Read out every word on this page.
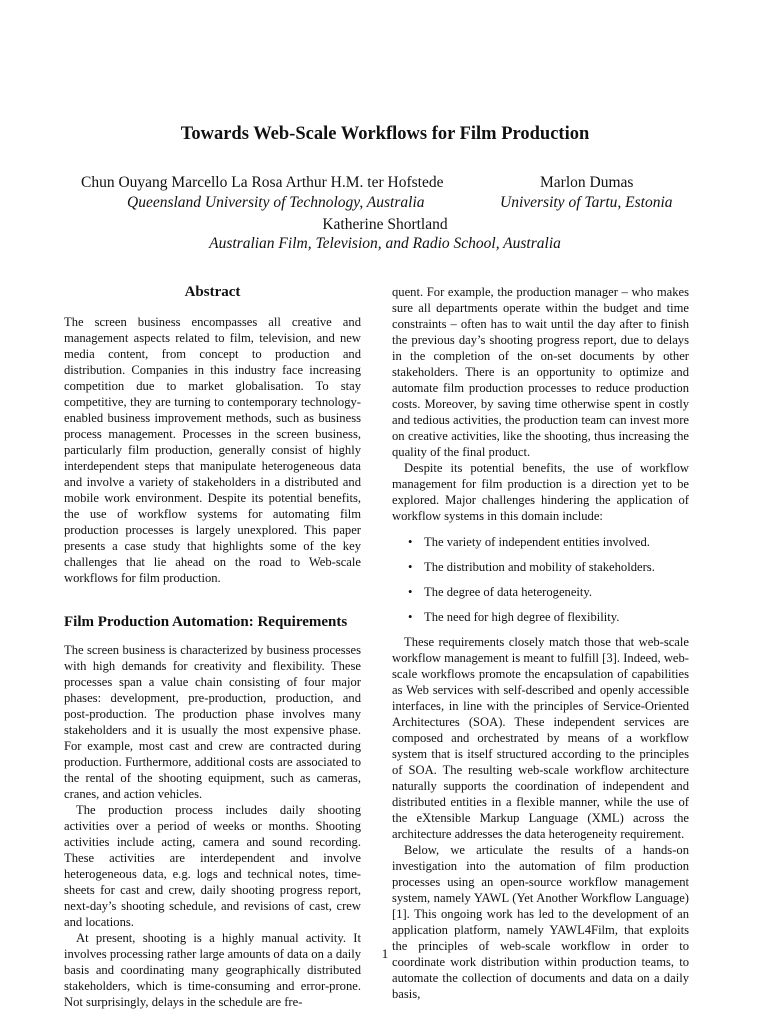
Towards Web-Scale Workflows for Film Production
Chun Ouyang Marcello La Rosa Arthur H.M. ter Hofstede
Queensland University of Technology, Australia
Marlon Dumas
University of Tartu, Estonia
Katherine Shortland
Australian Film, Television, and Radio School, Australia
Abstract

The screen business encompasses all creative and management aspects related to film, television, and new media content, from concept to production and distribution. Companies in this industry face increasing competition due to market globalisation. To stay competitive, they are turning to contemporary technology-enabled business improvement methods, such as business process management. Processes in the screen business, particularly film production, generally consist of highly interdependent steps that manipulate heterogeneous data and involve a variety of stakeholders in a distributed and mobile work environment. Despite its potential benefits, the use of workflow systems for automating film production processes is largely unexplored. This paper presents a case study that highlights some of the key challenges that lie ahead on the road to Web-scale workflows for film production.

Film Production Automation: Requirements

The screen business is characterized by business processes with high demands for creativity and flexibility. These processes span a value chain consisting of four major phases: development, pre-production, production, and post-production. The production phase involves many stakeholders and it is usually the most expensive phase. For example, most cast and crew are contracted during production. Furthermore, additional costs are associated to the rental of the shooting equipment, such as cameras, cranes, and action vehicles.

The production process includes daily shooting activities over a period of weeks or months. Shooting activities include acting, camera and sound recording. These activities are interdependent and involve heterogeneous data, e.g. logs and technical notes, time-sheets for cast and crew, daily shooting progress report, next-day’s shooting schedule, and revisions of cast, crew and locations.

At present, shooting is a highly manual activity. It involves processing rather large amounts of data on a daily basis and coordinating many geographically distributed stakeholders, which is time-consuming and error-prone. Not surprisingly, delays in the schedule are fre-

quent. For example, the production manager – who makes sure all departments operate within the budget and time constraints – often has to wait until the day after to finish the previous day’s shooting progress report, due to delays in the completion of the on-set documents by other stakeholders. There is an opportunity to optimize and automate film production processes to reduce production costs. Moreover, by saving time otherwise spent in costly and tedious activities, the production team can invest more on creative activities, like the shooting, thus increasing the quality of the final product.

Despite its potential benefits, the use of workflow management for film production is a direction yet to be explored. Major challenges hindering the application of workflow systems in this domain include:

• The variety of independent entities involved.
• The distribution and mobility of stakeholders.
• The degree of data heterogeneity.
• The need for high degree of flexibility.

These requirements closely match those that web-scale workflow management is meant to fulfill [3]. Indeed, web-scale workflows promote the encapsulation of capabilities as Web services with self-described and openly accessible interfaces, in line with the principles of Service-Oriented Architectures (SOA). These independent services are composed and orchestrated by means of a workflow system that is itself structured according to the principles of SOA. The resulting web-scale workflow architecture naturally supports the coordination of independent and distributed entities in a flexible manner, while the use of the eXtensible Markup Language (XML) across the architecture addresses the data heterogeneity requirement.

Below, we articulate the results of a hands-on investigation into the automation of film production processes using an open-source workflow management system, namely YAWL (Yet Another Workflow Language) [1]. This ongoing work has led to the development of an application platform, namely YAWL4Film, that exploits the principles of web-scale workflow in order to coordinate work distribution within production teams, to automate the collection of documents and data on a daily basis,

1
